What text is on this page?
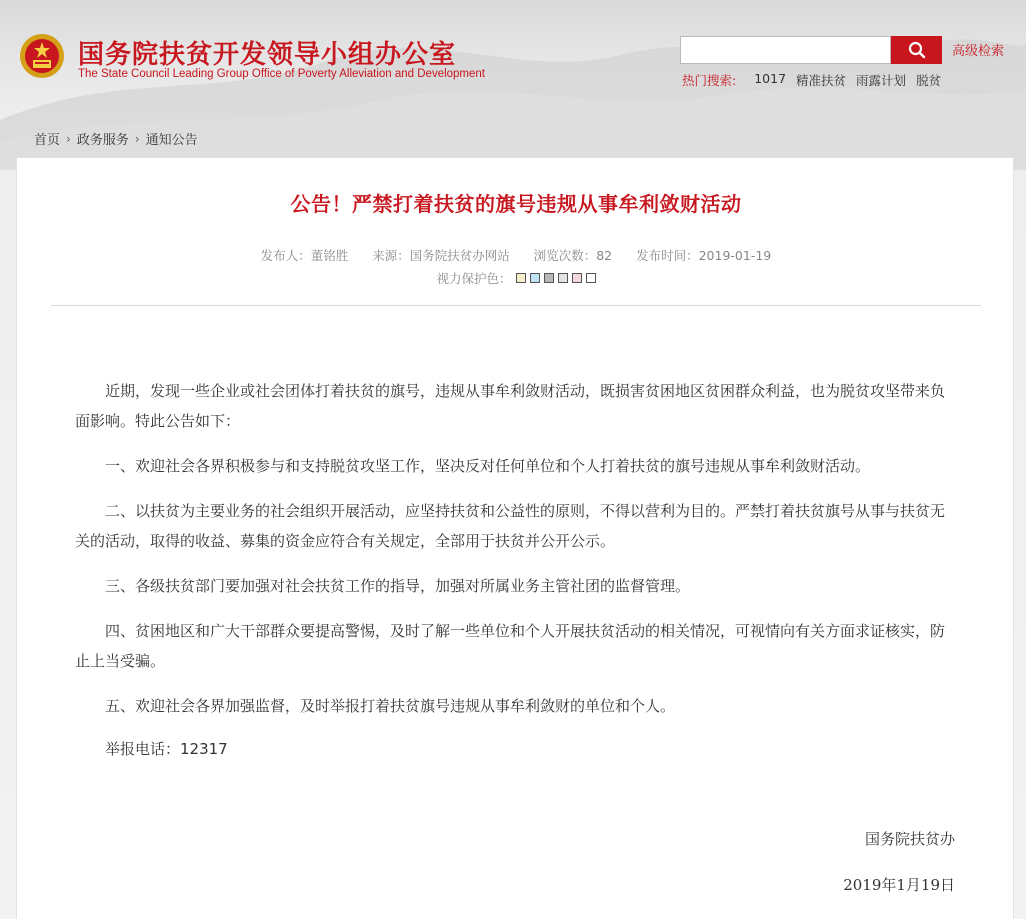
国务院扶贫开发领导小组办公室
The State Council Leading Group Office of Poverty Alleviation and Development
高级检索
热门搜索: 1017 精准扶贫 雨露计划 脱贫
首页 › 政务服务 › 通知公告
公告！严禁打着扶贫的旗号违规从事牟利敛财活动
发布人：董铭胜 来源：国务院扶贫办网站 浏览次数：82 发布时间：2019-01-19
视力保护色：

近期，发现一些企业或社会团体打着扶贫的旗号，违规从事牟利敛财活动，既损害贫困地区贫困群众利益，也为脱贫攻坚带来负面影响。特此公告如下：

一、欢迎社会各界积极参与和支持脱贫攻坚工作，坚决反对任何单位和个人打着扶贫的旗号违规从事牟利敛财活动。

二、以扶贫为主要业务的社会组织开展活动，应坚持扶贫和公益性的原则，不得以营利为目的。严禁打着扶贫旗号从事与扶贫无关的活动，取得的收益、募集的资金应符合有关规定，全部用于扶贫并公开公示。

三、各级扶贫部门要加强对社会扶贫工作的指导，加强对所属业务主管社团的监督管理。

四、贫困地区和广大干部群众要提高警惕，及时了解一些单位和个人开展扶贫活动的相关情况，可视情向有关方面求证核实，防止上当受骗。

五、欢迎社会各界加强监督，及时举报打着扶贫旗号违规从事牟利敛财的单位和个人。

举报电话：12317
国务院扶贫办
2019年1月19日
